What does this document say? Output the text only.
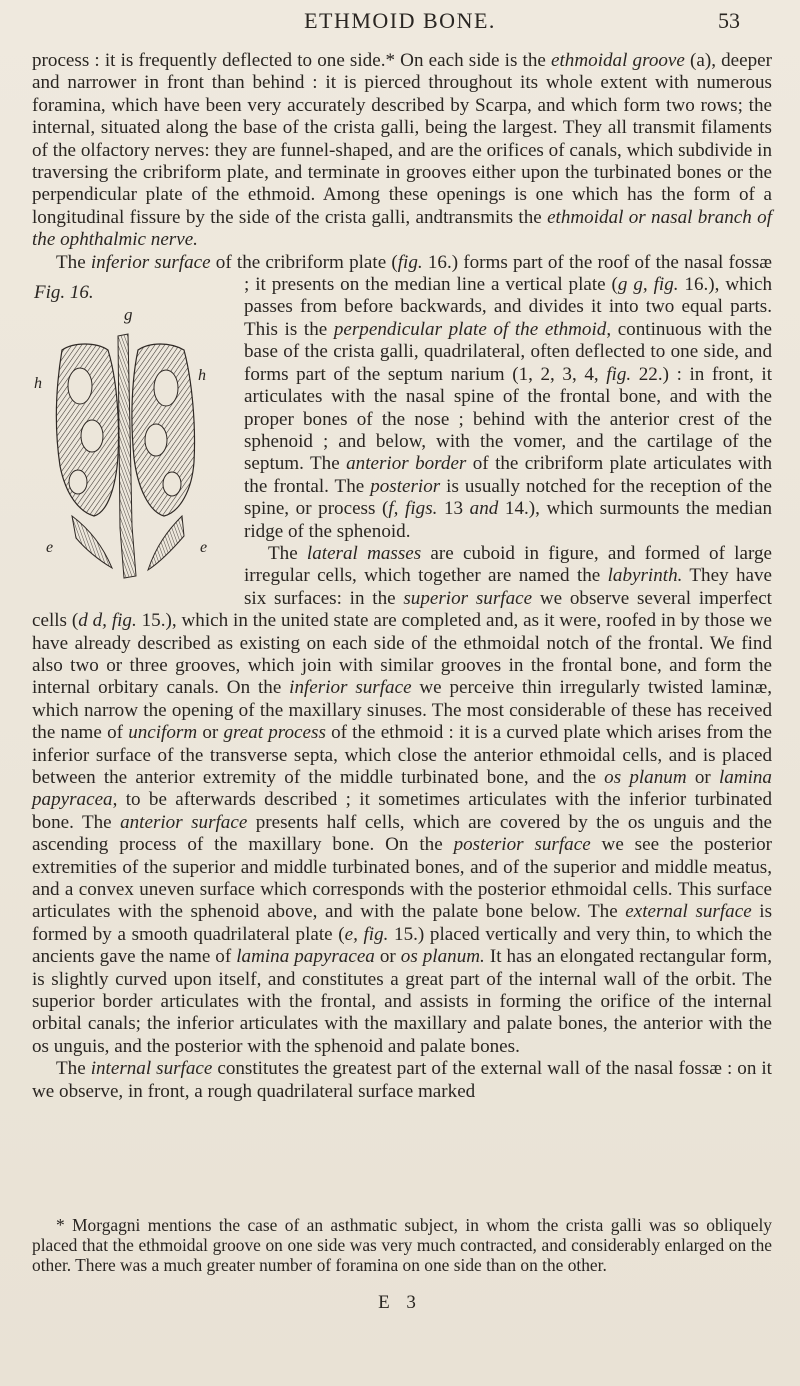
ETHMOID BONE.	53

process : it is frequently deflected to one side.* On each side is the ethmoidal groove (a), deeper and narrower in front than behind : it is pierced throughout its whole extent with numerous foramina, which have been very accurately described by Scarpa, and which form two rows; the internal, situated along the base of the crista galli, being the largest. They all transmit filaments of the olfactory nerves: they are funnel-shaped, and are the orifices of canals, which subdivide in traversing the cribriform plate, and terminate in grooves either upon the turbinated bones or the perpendicular plate of the ethmoid. Among these openings is one which has the form of a longitudinal fissure by the side of the crista galli, andtransmits the ethmoidal or nasal branch of the ophthalmic nerve.

The inferior surface of the cribriform plate (fig. 16.) forms part of the roof of the nasal fossæ ; it presents on the median line a vertical plate (
Fig. 16.
g
h	h
e	e
g g, fig. 16.), which passes from before backwards, and divides it into two equal parts. This is the perpendicular plate of the ethmoid, continuous with the base of the crista galli, quadrilateral, often deflected to one side, and forms part of the septum narium (1, 2, 3, 4, fig. 22.) : in front, it articulates with the nasal spine of the frontal bone, and with the proper bones of the nose ; behind with the anterior crest of the sphenoid ; and below, with the vomer, and the cartilage of the septum. The anterior border of the cribriform plate articulates with the frontal. The posterior is usually notched for the reception of the spine, or process (f, figs. 13 and 14.), which surmounts the median ridge of the sphenoid.

The lateral masses are cuboid in figure, and formed of large irregular cells, which together are named the labyrinth. They have six surfaces: in the superior surface we observe several imperfect cells (d d, fig. 15.), which in the united state are completed and, as it were, roofed in by those we have already described as existing on each side of the ethmoidal notch of the frontal. We find also two or three grooves, which join with similar grooves in the frontal bone, and form the internal orbitary canals. On the inferior surface we perceive thin irregularly twisted laminæ, which narrow the opening of the maxillary sinuses. The most considerable of these has received the name of unciform or great process of the ethmoid : it is a curved plate which arises from the inferior surface of the transverse septa, which close the anterior ethmoidal cells, and is placed between the anterior extremity of the middle turbinated bone, and the os planum or lamina papyracea, to be afterwards described ; it sometimes articulates with the inferior turbinated bone. The anterior surface presents half cells, which are covered by the os unguis and the ascending process of the maxillary bone. On the posterior surface we see the posterior extremities of the superior and middle turbinated bones, and of the superior and middle meatus, and a convex uneven surface which corresponds with the posterior ethmoidal cells. This surface articulates with the sphenoid above, and with the palate bone below. The external surface is formed by a smooth quadrilateral plate (e, fig. 15.) placed vertically and very thin, to which the ancients gave the name of lamina papyracea or os planum. It has an elongated rectangular form, is slightly curved upon itself, and constitutes a great part of the internal wall of the orbit. The superior border articulates with the frontal, and assists in forming the orifice of the internal orbital canals; the inferior articulates with the maxillary and palate bones, the anterior with the os unguis, and the posterior with the sphenoid and palate bones.

The internal surface constitutes the greatest part of the external wall of the nasal fossæ : on it we observe, in front, a rough quadrilateral surface marked

* Morgagni mentions the case of an asthmatic subject, in whom the crista galli was so obliquely placed that the ethmoidal groove on one side was very much contracted, and considerably enlarged on the other. There was a much greater number of foramina on one side than on the other.
E 3
